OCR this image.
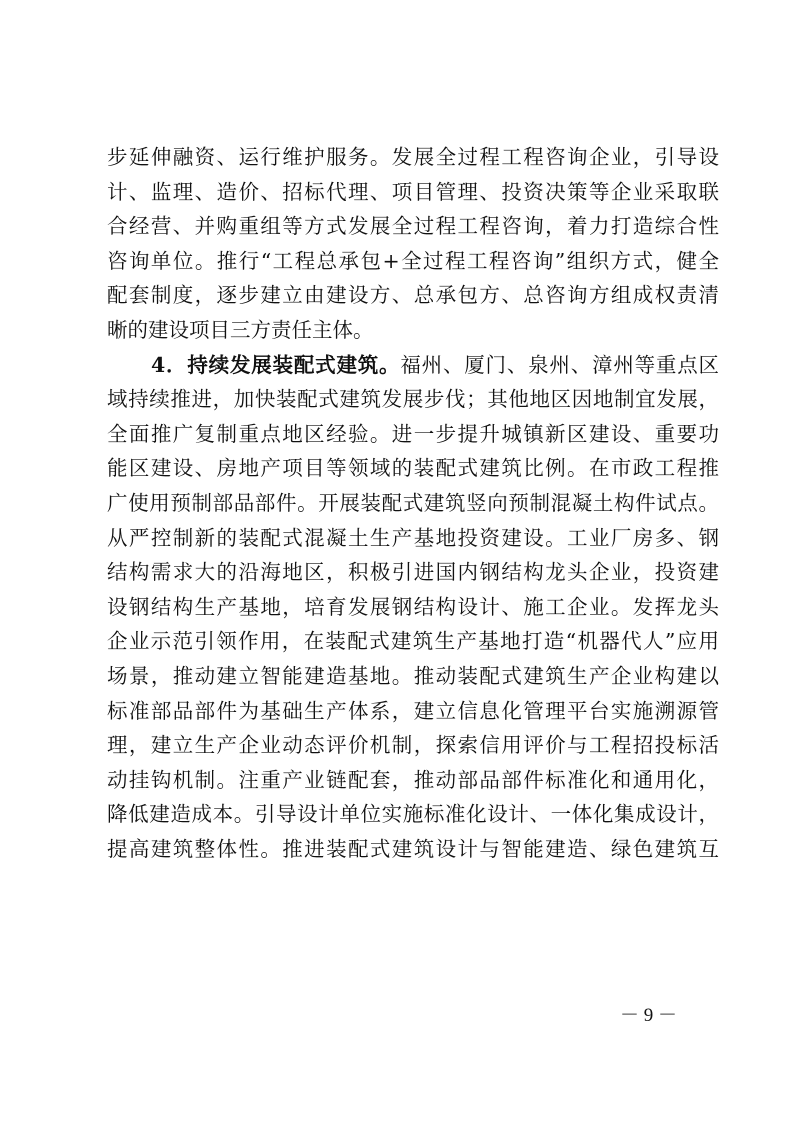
步延伸融资、运行维护服务。发展全过程工程咨询企业，引导设
计、监理、造价、招标代理、项目管理、投资决策等企业采取联
合经营、并购重组等方式发展全过程工程咨询，着力打造综合性
咨询单位。推行“工程总承包+全过程工程咨询”组织方式，健全
配套制度，逐步建立由建设方、总承包方、总咨询方组成权责清
晰的建设项目三方责任主体。
4．持续发展装配式建筑。福州、厦门、泉州、漳州等重点区
域持续推进，加快装配式建筑发展步伐；其他地区因地制宜发展，
全面推广复制重点地区经验。进一步提升城镇新区建设、重要功
能区建设、房地产项目等领域的装配式建筑比例。在市政工程推
广使用预制部品部件。开展装配式建筑竖向预制混凝土构件试点。
从严控制新的装配式混凝土生产基地投资建设。工业厂房多、钢
结构需求大的沿海地区，积极引进国内钢结构龙头企业，投资建
设钢结构生产基地，培育发展钢结构设计、施工企业。发挥龙头
企业示范引领作用，在装配式建筑生产基地打造“机器代人”应用
场景，推动建立智能建造基地。推动装配式建筑生产企业构建以
标准部品部件为基础生产体系，建立信息化管理平台实施溯源管
理，建立生产企业动态评价机制，探索信用评价与工程招投标活
动挂钩机制。注重产业链配套，推动部品部件标准化和通用化，
降低建造成本。引导设计单位实施标准化设计、一体化集成设计，
提高建筑整体性。推进装配式建筑设计与智能建造、绿色建筑互
－ 9 －
